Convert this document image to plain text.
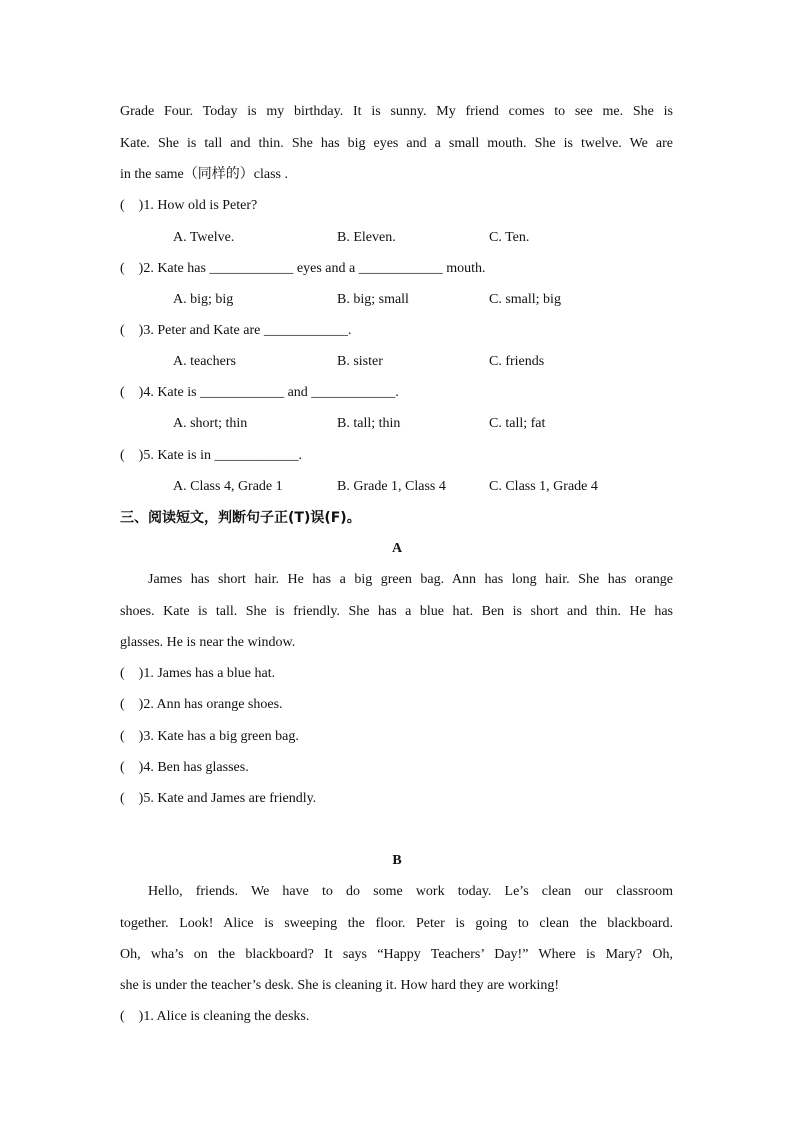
Grade Four. Today is my birthday. It is sunny. My friend comes to see me. She is
Kate. She is tall and thin. She has big eyes and a small mouth. She is twelve. We are
in the same（同样的）class .
(    )1. How old is Peter?
A. Twelve.	B. Eleven.	C. Ten.
(    )2. Kate has ____________ eyes and a ____________ mouth.
A. big; big	B. big; small	C. small; big
(    )3. Peter and Kate are ____________.
A. teachers	B. sister	C. friends
(    )4. Kate is ____________ and ____________.
A. short; thin	B. tall; thin	C. tall; fat
(    )5. Kate is in ____________.
A. Class 4, Grade 1	B. Grade 1, Class 4	C. Class 1, Grade 4
三、阅读短文，判断句子正(T)误(F)。
A
James has short hair. He has a big green bag. Ann has long hair. She has orange
shoes. Kate is tall. She is friendly. She has a blue hat. Ben is short and thin. He has
glasses. He is near the window.
(    )1. James has a blue hat.
(    )2. Ann has orange shoes.
(    )3. Kate has a big green bag.
(    )4. Ben has glasses.
(    )5. Kate and James are friendly.
B
Hello, friends. We have to do some work today. Le’s clean our classroom
together. Look! Alice is sweeping the floor. Peter is going to clean the blackboard.
Oh, wha’s on the blackboard? It says “Happy Teachers’ Day!” Where is Mary? Oh,
she is under the teacher’s desk. She is cleaning it. How hard they are working!
(    )1. Alice is cleaning the desks.
